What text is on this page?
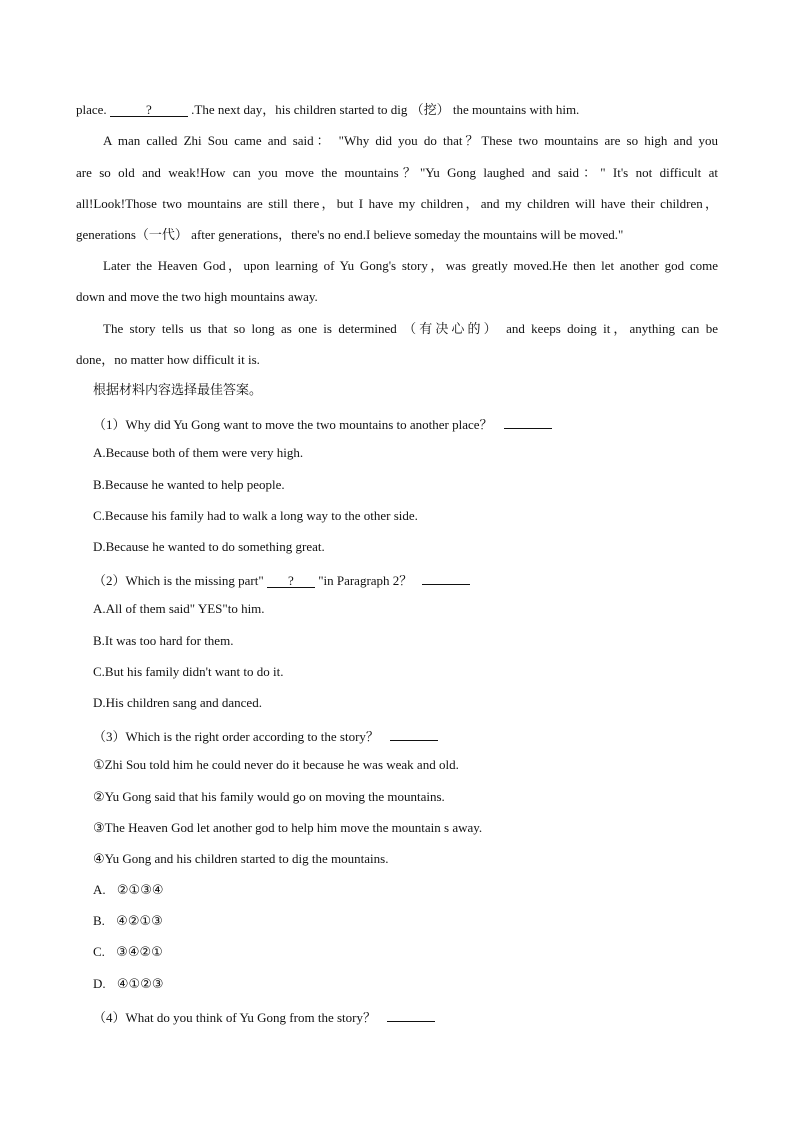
place.	?	.The next day，his children started to dig （挖） the mountains with him.
A man called Zhi Sou came and said： "Why did you do that？These two mountains are so high and you
are so old and weak!How can you move the mountains？"Yu Gong laughed and said：" It's not difficult at
all!Look!Those two mountains are still there，but I have my children，and my children will have their children，
generations（一代） after generations，there's no end.I believe someday the mountains will be moved."
Later the Heaven God，upon learning of Yu Gong's story，was greatly moved.He then let another god come
down and move the two high mountains away.
The story tells us that so long as one is determined （有决心的） and keeps doing it，anything can be
done，no matter how difficult it is.
根据材料内容选择最佳答案。
（1）Why did Yu Gong want to move the two mountains to another place？
A.Because both of them were very high.
B.Because he wanted to help people.
C.Because his family had to walk a long way to the other side.
D.Because he wanted to do something great.
（2）Which is the missing part" ? "in Paragraph 2？
A.All of them said" YES"to him.
B.It was too hard for them.
C.But his family didn't want to do it.
D.His children sang and danced.
（3）Which is the right order according to the story？
①Zhi Sou told him he could never do it because he was weak and old.
②Yu Gong said that his family would go on moving the mountains.
③The Heaven God let another god to help him move the mountain s away.
④Yu Gong and his children started to dig the mountains.
A. ②①③④
B. ④②①③
C. ③④②①
D. ④①②③
（4）What do you think of Yu Gong from the story？
